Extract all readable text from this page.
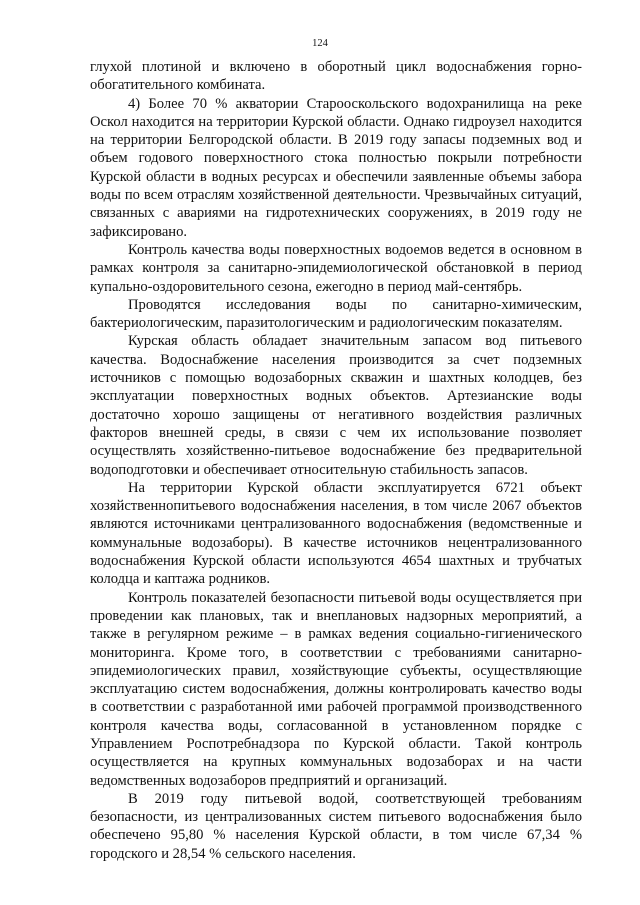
124

глухой плотиной и включено в оборотный цикл водоснабжения горно-обогатительного комбината.

4) Более 70 % акватории Старооскольского водохранилища на реке Оскол находится на территории Курской области. Однако гидроузел находится на территории Белгородской области. В 2019 году запасы подземных вод и объем годового поверхностного стока полностью покрыли потребности Курской области в водных ресурсах и обеспечили заявленные объемы забора воды по всем отраслям хозяйственной деятельности. Чрезвычайных ситуаций, связанных с авариями на гидротехнических сооружениях, в 2019 году не зафиксировано.

Контроль качества воды поверхностных водоемов ведется в основном в рамках контроля за санитарно-эпидемиологической обстановкой в период купально-оздоровительного сезона, ежегодно в период май-сентябрь.

Проводятся исследования воды по санитарно-химическим, бактериологическим, паразитологическим и радиологическим показателям.

Курская область обладает значительным запасом вод питьевого качества. Водоснабжение населения производится за счет подземных источников с помощью водозаборных скважин и шахтных колодцев, без эксплуатации поверхностных водных объектов. Артезианские воды достаточно хорошо защищены от негативного воздействия различных факторов внешней среды, в связи с чем их использование позволяет осуществлять хозяйственно-питьевое водоснабжение без предварительной водоподготовки и обеспечивает относительную стабильность запасов.

На территории Курской области эксплуатируется 6721 объект хозяйственнопитьевого водоснабжения населения, в том числе 2067 объектов являются источниками централизованного водоснабжения (ведомственные и коммунальные водозаборы). В качестве источников нецентрализованного водоснабжения Курской области используются 4654 шахтных и трубчатых колодца и каптажа родников.

Контроль показателей безопасности питьевой воды осуществляется при проведении как плановых, так и внеплановых надзорных мероприятий, а также в регулярном режиме – в рамках ведения социально-гигиенического мониторинга. Кроме того, в соответствии с требованиями санитарно-эпидемиологических правил, хозяйствующие субъекты, осуществляющие эксплуатацию систем водоснабжения, должны контролировать качество воды в соответствии с разработанной ими рабочей программой производственного контроля качества воды, согласованной в установленном порядке с Управлением Роспотребнадзора по Курской области. Такой контроль осуществляется на крупных коммунальных водозаборах и на части ведомственных водозаборов предприятий и организаций.

В 2019 году питьевой водой, соответствующей требованиям безопасности, из централизованных систем питьевого водоснабжения было обеспечено 95,80 % населения Курской области, в том числе 67,34 % городского и 28,54 % сельского населения.
